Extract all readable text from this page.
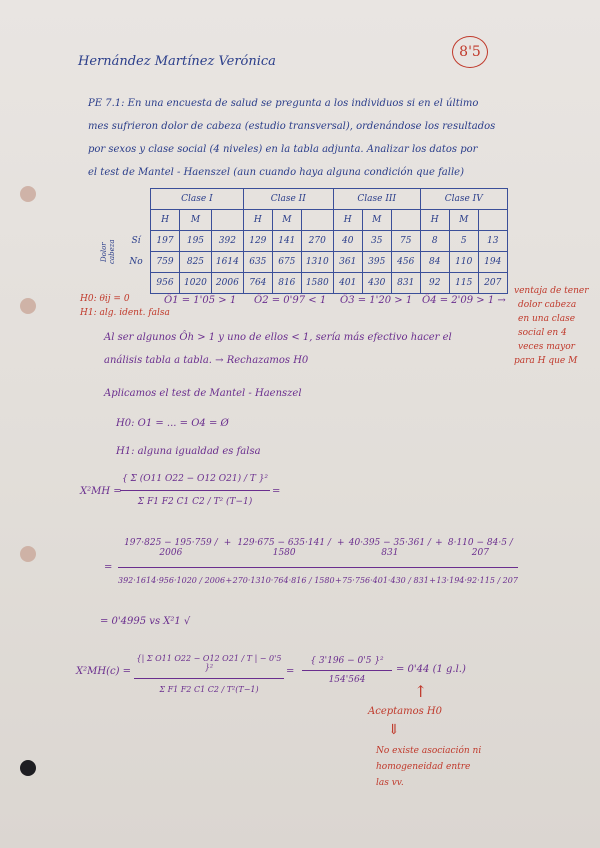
Hernández Martínez Verónica
8'5
PE 7.1: En una encuesta de salud se pregunta a los individuos si en el último
mes sufrieron dolor de cabeza (estudio transversal), ordenándose los resultados
por sexos y clase social (4 niveles) en la tabla adjunta. Analizar los datos por
el test de Mantel - Haenszel (aun cuando haya alguna condición que falle)
		Clase I			Clase II			Clase III			Clase IV		
		H	M		H	M		H	M		H	M	
Dolor cabeza	Sí	197	195	392	129	141	270	40	35	75	8	5	13
	No	759	825	1614	635	675	1310	361	395	456	84	110	194
		956	1020	2006	764	816	1580	401	430	831	92	115	207
H0: θij = 0
H1: alg. ident. falsa
Ô1 = 1'05 > 1 Ô2 = 0'97 < 1 Ô3 = 1'20 > 1 Ô4 = 2'09 > 1 →
ventaja de tener
dolor cabeza
en una clase
social en 4
veces mayor
para H que M
Al ser algunos Ôh > 1 y uno de ellos < 1, sería más efectivo hacer el
análisis tabla a tabla. → Rechazamos H0
Aplicamos el test de Mantel - Haenszel
H0: O1 = ... = O4 = Ø
H1: alguna igualdad es falsa
X²MH =
$\frac{\text{\{ Σ (O11 O22 − O12 O21) / T \}²}}{\text{Σ F1 F2 C1 C2 / T² (T−1)}}$ =
=
197·825 − 195·759 / 2006
+ 129·675 − 635·141 / 1580
+ 40·395 − 35·361 / 831
+ 8·110 − 84·5 / 207
392·1614·956·1020 / 2006 + 270·1310·764·816 / 1580 + 75·756·401·430 / 831 + 13·194·92·115 / 207
= 0'4995 vs X²1 √
$X^2MH(c) = \frac{\text{\{| Σ O11 O22 − O12 O21 / T | − 0'5 \}²}}{\text{Σ F1 F2 C1 C2 / T²(T−1)}} = \frac{\text{\{ 3'196 − 0'5 \}²}}{154'564} = 0'44$ (1 g.l.)
↑
Aceptamos H0
⇓
No existe asociación ni
homogeneidad entre
las vv.
